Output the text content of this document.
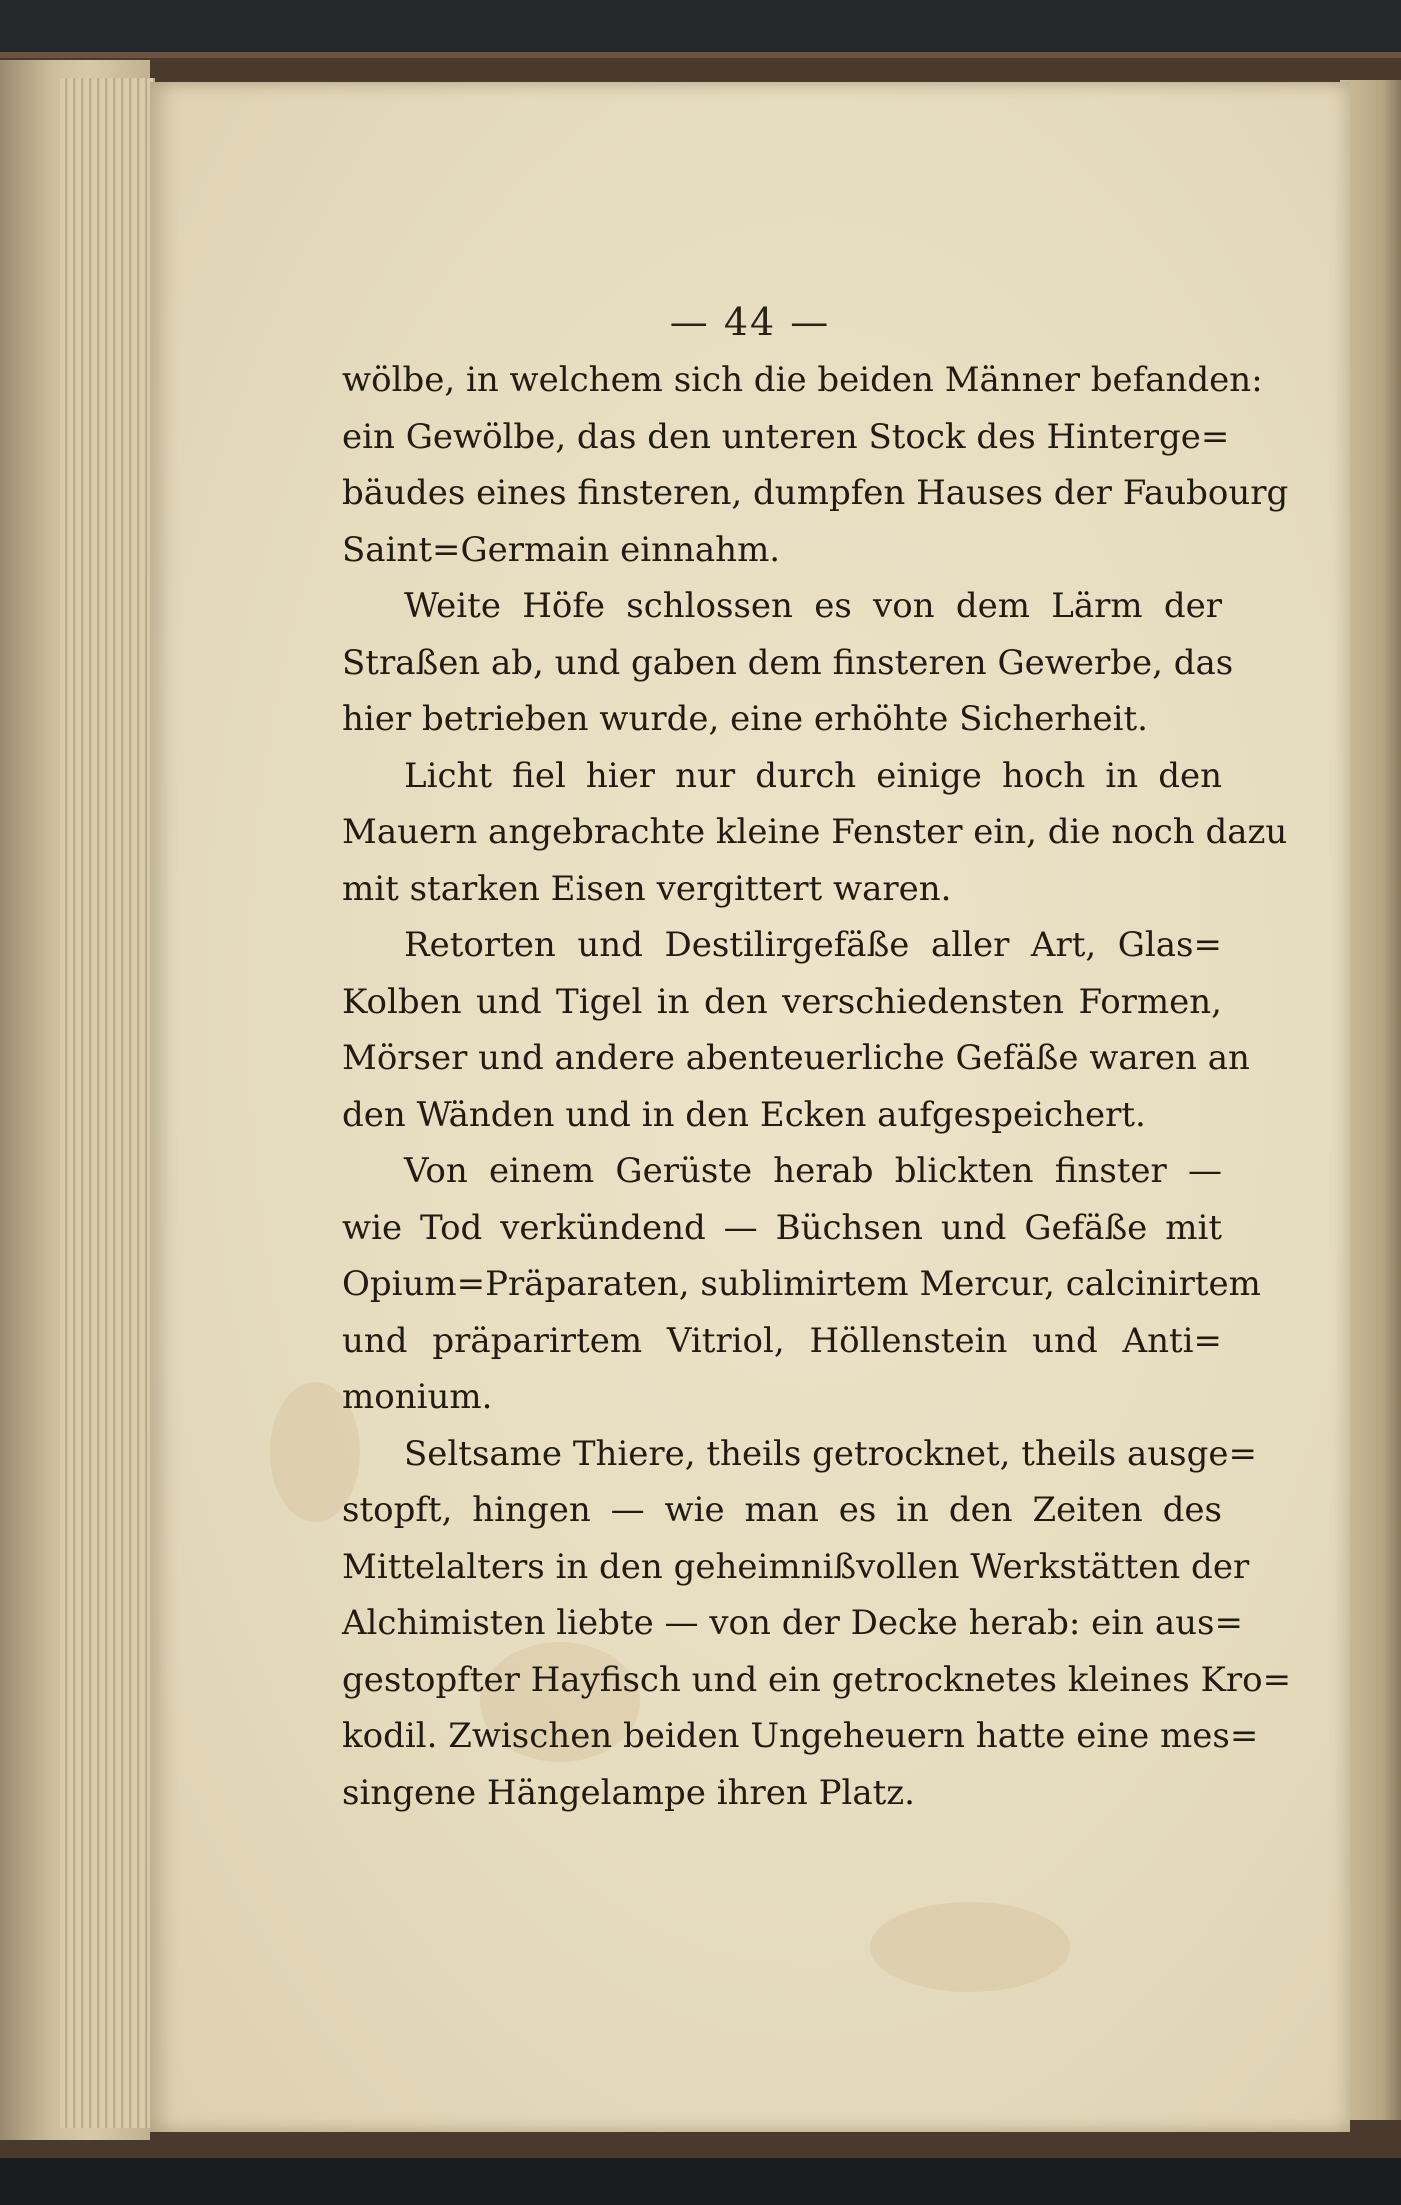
— 44 —

wölbe, in welchem sich die beiden Männer befanden:
ein Gewölbe, das den unteren Stock des Hinterge=
bäudes eines finsteren, dumpfen Hauses der Faubourg
Saint=Germain einnahm.

Weite Höfe schlossen es von dem Lärm der
Straßen ab, und gaben dem finsteren Gewerbe, das
hier betrieben wurde, eine erhöhte Sicherheit.

Licht fiel hier nur durch einige hoch in den
Mauern angebrachte kleine Fenster ein, die noch dazu
mit starken Eisen vergittert waren.

Retorten und Destilirgefäße aller Art, Glas=
Kolben und Tigel in den verschiedensten Formen,
Mörser und andere abenteuerliche Gefäße waren an
den Wänden und in den Ecken aufgespeichert.

Von einem Gerüste herab blickten finster —
wie Tod verkündend — Büchsen und Gefäße mit
Opium=Präparaten, sublimirtem Mercur, calcinirtem
und präparirtem Vitriol, Höllenstein und Anti=
monium.

Seltsame Thiere, theils getrocknet, theils ausge=
stopft, hingen — wie man es in den Zeiten des
Mittelalters in den geheimnißvollen Werkstätten der
Alchimisten liebte — von der Decke herab: ein aus=
gestopfter Hayfisch und ein getrocknetes kleines Kro=
kodil. Zwischen beiden Ungeheuern hatte eine mes=
singene Hängelampe ihren Platz.
